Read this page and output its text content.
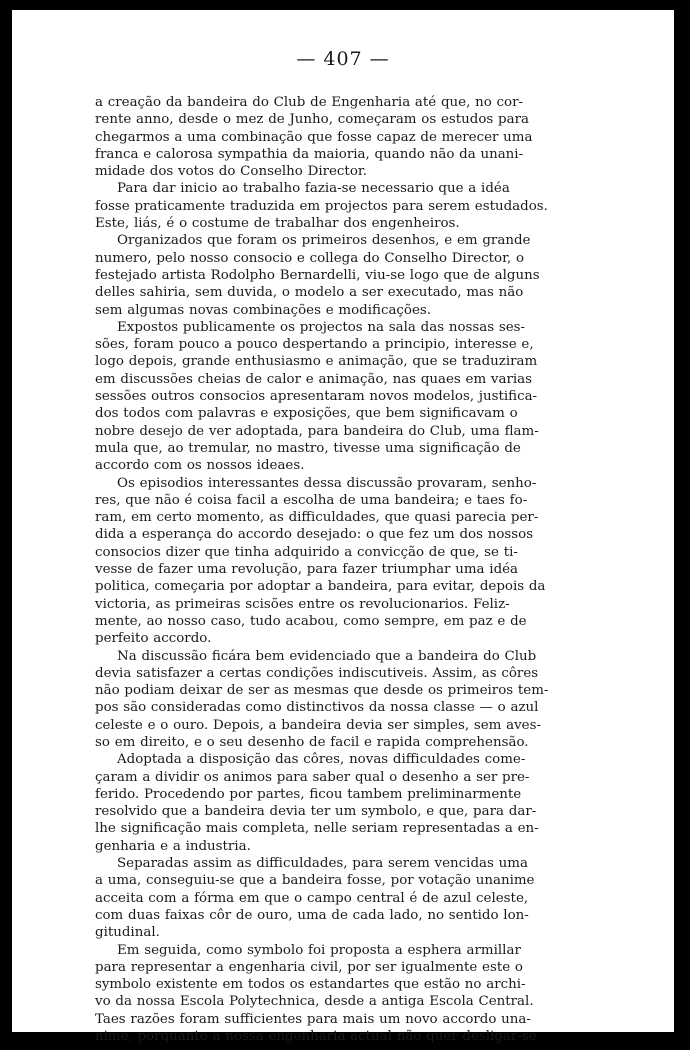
— 407 —

a creação da bandeira do Club de Engenharia até que, no cor-
rente anno, desde o mez de Junho, começaram os estudos para
chegarmos a uma combinação que fosse capaz de merecer uma
franca e calorosa sympathia da maioria, quando não da unani-
midade dos votos do Conselho Director.

Para dar inicio ao trabalho fazia-se necessario que a idéa
fosse praticamente traduzida em projectos para serem estudados.
Este, liás, é o costume de trabalhar dos engenheiros.

Organizados que foram os primeiros desenhos, e em grande
numero, pelo nosso consocio e collega do Conselho Director, o
festejado artista Rodolpho Bernardelli, viu-se logo que de alguns
delles sahiria, sem duvida, o modelo a ser executado, mas não
sem algumas novas combinações e modificações.

Expostos publicamente os projectos na sala das nossas ses-
sões, foram pouco a pouco despertando a principio, interesse e,
logo depois, grande enthusiasmo e animação, que se traduziram
em discussões cheias de calor e animação, nas quaes em varias
sessões outros consocios apresentaram novos modelos, justifica-
dos todos com palavras e exposições, que bem significavam o
nobre desejo de ver adoptada, para bandeira do Club, uma flam-
mula que, ao tremular, no mastro, tivesse uma significação de
accordo com os nossos ideaes.

Os episodios interessantes dessa discussão provaram, senho-
res, que não é coisa facil a escolha de uma bandeira; e taes fo-
ram, em certo momento, as difficuldades, que quasi parecia per-
dida a esperança do accordo desejado: o que fez um dos nossos
consocios dizer que tinha adquirido a convicção de que, se ti-
vesse de fazer uma revolução, para fazer triumphar uma idéa
politica, começaria por adoptar a bandeira, para evitar, depois da
victoria, as primeiras scisões entre os revolucionarios. Feliz-
mente, ao nosso caso, tudo acabou, como sempre, em paz e de
perfeito accordo.

Na discussão ficára bem evidenciado que a bandeira do Club
devia satisfazer a certas condições indiscutiveis. Assim, as côres
não podiam deixar de ser as mesmas que desde os primeiros tem-
pos são consideradas como distinctivos da nossa classe — o azul
celeste e o ouro. Depois, a bandeira devia ser simples, sem aves-
so em direito, e o seu desenho de facil e rapida comprehensão.

Adoptada a disposição das côres, novas difficuldades come-
çaram a dividir os animos para saber qual o desenho a ser pre-
ferido. Procedendo por partes, ficou tambem preliminarmente
resolvido que a bandeira devia ter um symbolo, e que, para dar-
lhe significação mais completa, nelle seriam representadas a en-
genharia e a industria.

Separadas assim as difficuldades, para serem vencidas uma
a uma, conseguiu-se que a bandeira fosse, por votação unanime
acceita com a fórma em que o campo central é de azul celeste,
com duas faixas côr de ouro, uma de cada lado, no sentido lon-
gitudinal.

Em seguida, como symbolo foi proposta a esphera armillar
para representar a engenharia civil, por ser igualmente este o
symbolo existente em todos os estandartes que estão no archi-
vo da nossa Escola Polytechnica, desde a antiga Escola Central.
Taes razões foram sufficientes para mais um novo accordo una-
nime, porquanto a nossa engenharia actual não quer desligar-se
